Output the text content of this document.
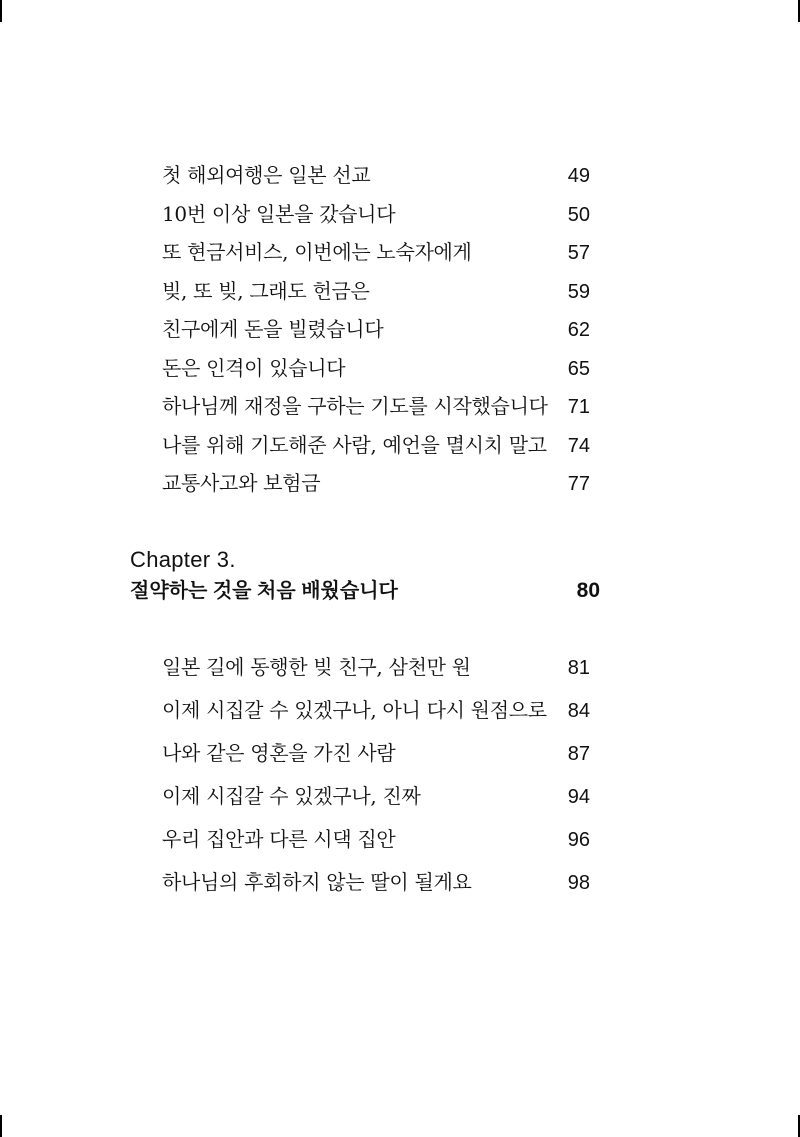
첫 해외여행은 일본 선교	49
10번 이상 일본을 갔습니다	50
또 현금서비스, 이번에는 노숙자에게	57
빚, 또 빚, 그래도 헌금은	59
친구에게 돈을 빌렸습니다	62
돈은 인격이 있습니다	65
하나님께 재정을 구하는 기도를 시작했습니다	71
나를 위해 기도해준 사람, 예언을 멸시치 말고	74
교통사고와 보험금	77
Chapter 3.
절약하는 것을 처음 배웠습니다	80
일본 길에 동행한 빚 친구, 삼천만 원	81
이제 시집갈 수 있겠구나, 아니 다시 원점으로	84
나와 같은 영혼을 가진 사람	87
이제 시집갈 수 있겠구나, 진짜	94
우리 집안과 다른 시댁 집안	96
하나님의 후회하지 않는 딸이 될게요	98
